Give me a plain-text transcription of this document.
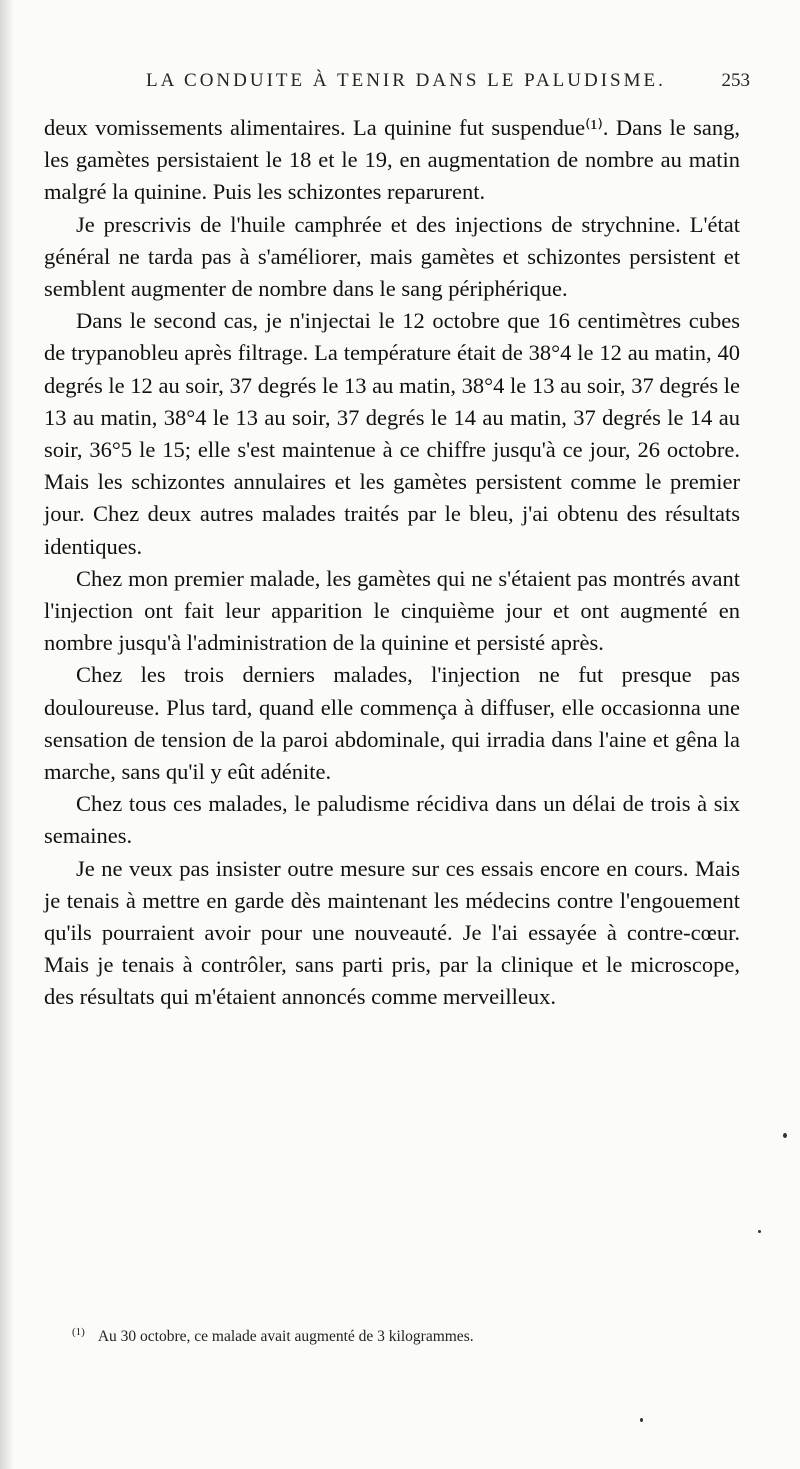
LA CONDUITE À TENIR DANS LE PALUDISME.	253

deux vomissements alimentaires. La quinine fut suspendue⁽¹⁾. Dans le sang, les gamètes persistaient le 18 et le 19, en augmentation de nombre au matin malgré la quinine. Puis les schizontes reparurent.

Je prescrivis de l'huile camphrée et des injections de strychnine. L'état général ne tarda pas à s'améliorer, mais gamètes et schizontes persistent et semblent augmenter de nombre dans le sang périphérique.

Dans le second cas, je n'injectai le 12 octobre que 16 centimètres cubes de trypanobleu après filtrage. La température était de 38°4 le 12 au matin, 40 degrés le 12 au soir, 37 degrés le 13 au matin, 38°4 le 13 au soir, 37 degrés le 13 au matin, 38°4 le 13 au soir, 37 degrés le 14 au matin, 37 degrés le 14 au soir, 36°5 le 15; elle s'est maintenue à ce chiffre jusqu'à ce jour, 26 octobre. Mais les schizontes annulaires et les gamètes persistent comme le premier jour. Chez deux autres malades traités par le bleu, j'ai obtenu des résultats identiques.

Chez mon premier malade, les gamètes qui ne s'étaient pas montrés avant l'injection ont fait leur apparition le cinquième jour et ont augmenté en nombre jusqu'à l'administration de la quinine et persisté après.

Chez les trois derniers malades, l'injection ne fut presque pas douloureuse. Plus tard, quand elle commença à diffuser, elle occasionna une sensation de tension de la paroi abdominale, qui irradia dans l'aine et gêna la marche, sans qu'il y eût adénite.

Chez tous ces malades, le paludisme récidiva dans un délai de trois à six semaines.

Je ne veux pas insister outre mesure sur ces essais encore en cours. Mais je tenais à mettre en garde dès maintenant les médecins contre l'engouement qu'ils pourraient avoir pour une nouveauté. Je l'ai essayée à contre-cœur. Mais je tenais à contrôler, sans parti pris, par la clinique et le microscope, des résultats qui m'étaient annoncés comme merveilleux.

$^{(1)}$ Au 30 octobre, ce malade avait augmenté de 3 kilogrammes.
